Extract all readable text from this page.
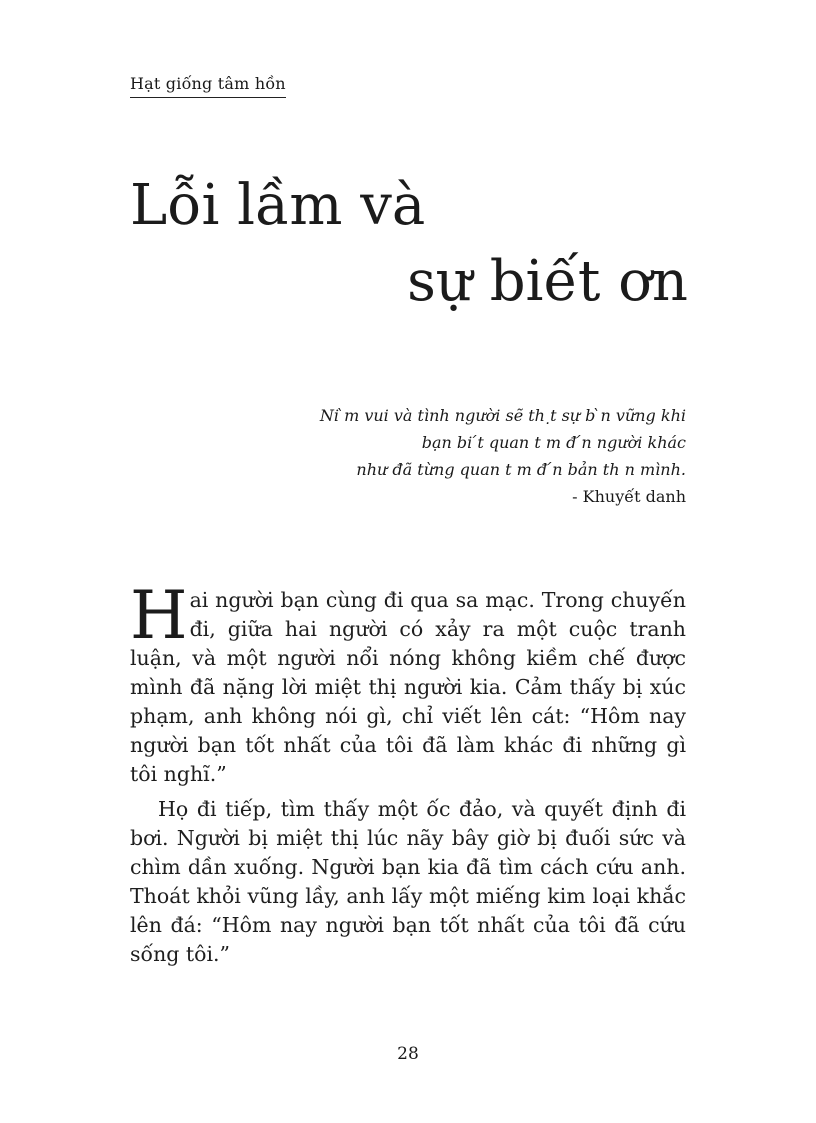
Hạt giống tâm hồn
Lỗi lầm và
sự biết ơn
Ni ̀m vui và tình người sẽ th ̣t sự b ̀n vững khi
bạn bi ́t quan t m đ ́n người khác
như đã từng quan t m đ ́n bản th n mình.
- Khuyết danh

Hai người bạn cùng đi qua sa mạc. Trong chuyến đi, giữa hai người có xảy ra một cuộc tranh luận, và một người nổi nóng không kiềm chế được mình đã nặng lời miệt thị người kia. Cảm thấy bị xúc phạm, anh không nói gì, chỉ viết lên cát: “Hôm nay người bạn tốt nhất của tôi đã làm khác đi những gì tôi nghĩ.”

Họ đi tiếp, tìm thấy một ốc đảo, và quyết định đi bơi. Người bị miệt thị lúc nãy bây giờ bị đuối sức và chìm dần xuống. Người bạn kia đã tìm cách cứu anh. Thoát khỏi vũng lầy, anh lấy một miếng kim loại khắc lên đá: “Hôm nay người bạn tốt nhất của tôi đã cứu sống tôi.”

28
